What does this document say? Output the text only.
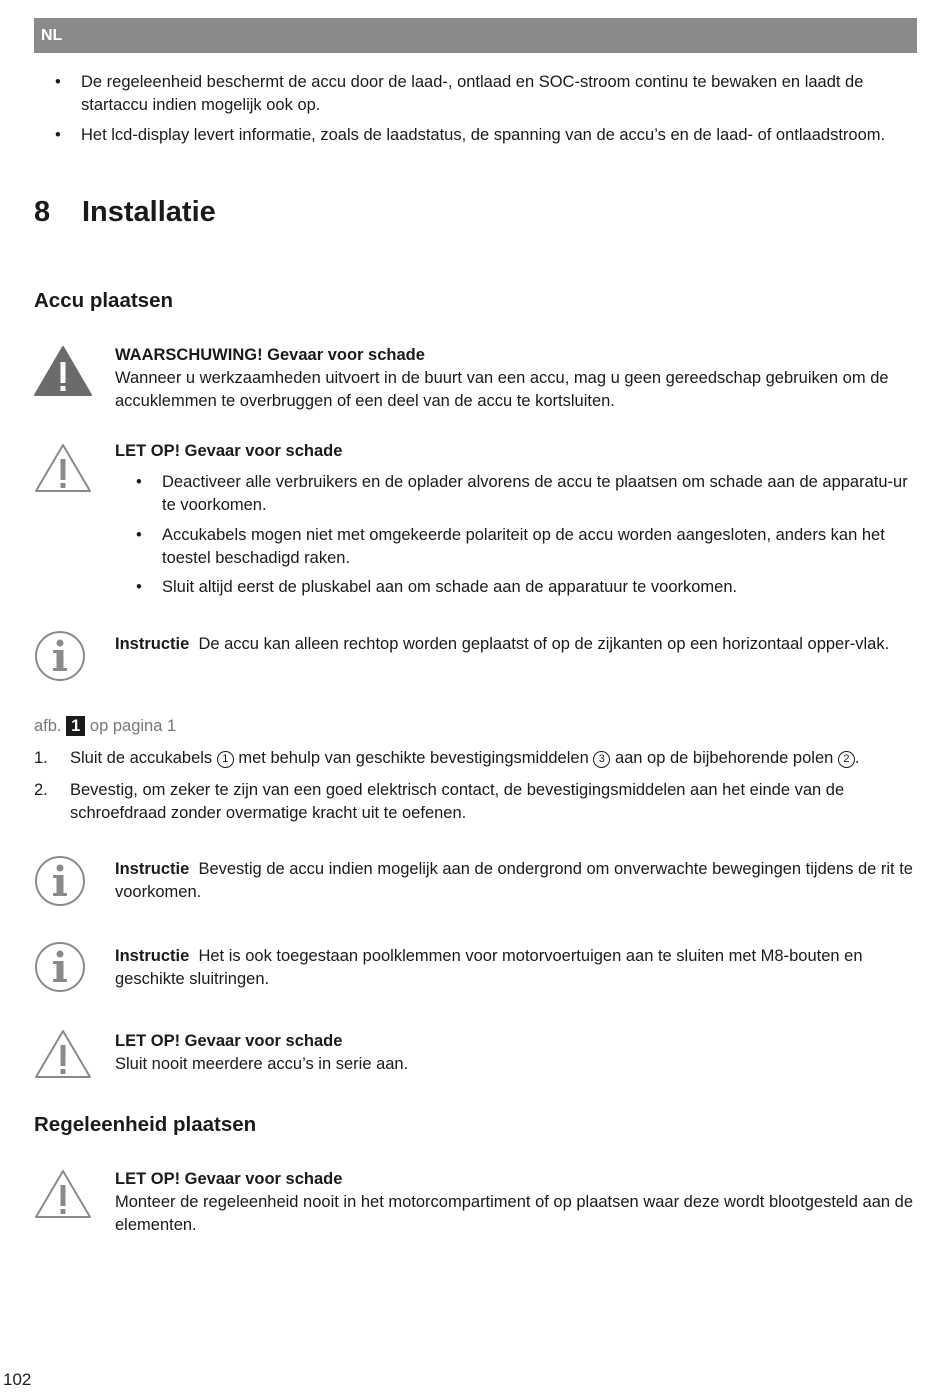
NL
• De regeleenheid beschermt de accu door de laad-, ontlaad en SOC-stroom continu te bewaken en laadt de startaccu indien mogelijk ook op.
• Het lcd-display levert informatie, zoals de laadstatus, de spanning van de accu’s en de laad- of ontlaadstroom.
8 Installatie
Accu plaatsen
WAARSCHUWING! Gevaar voor schade
Wanneer u werkzaamheden uitvoert in de buurt van een accu, mag u geen gereedschap gebruiken om de accuklemmen te overbruggen of een deel van de accu te kortsluiten.
LET OP! Gevaar voor schade
• Deactiveer alle verbruikers en de oplader alvorens de accu te plaatsen om schade aan de apparatu-ur te voorkomen.
• Accukabels mogen niet met omgekeerde polariteit op de accu worden aangesloten, anders kan het toestel beschadigd raken.
• Sluit altijd eerst de pluskabel aan om schade aan de apparatuur te voorkomen.
Instructie De accu kan alleen rechtop worden geplaatst of op de zijkanten op een horizontaal opper-vlak.
afb. 1 op pagina 1
1. Sluit de accukabels 1 met behulp van geschikte bevestigingsmiddelen 3 aan op de bijbehorende polen 2 .
2. Bevestig, om zeker te zijn van een goed elektrisch contact, de bevestigingsmiddelen aan het einde van de schroefdraad zonder overmatige kracht uit te oefenen.
Instructie Bevestig de accu indien mogelijk aan de ondergrond om onverwachte bewegingen tijdens de rit te voorkomen.
Instructie Het is ook toegestaan poolklemmen voor motorvoertuigen aan te sluiten met M8-bouten en geschikte sluitringen.
LET OP! Gevaar voor schade
Sluit nooit meerdere accu’s in serie aan.
Regeleenheid plaatsen
LET OP! Gevaar voor schade
Monteer de regeleenheid nooit in het motorcompartiment of op plaatsen waar deze wordt blootgesteld aan de elementen.
102
